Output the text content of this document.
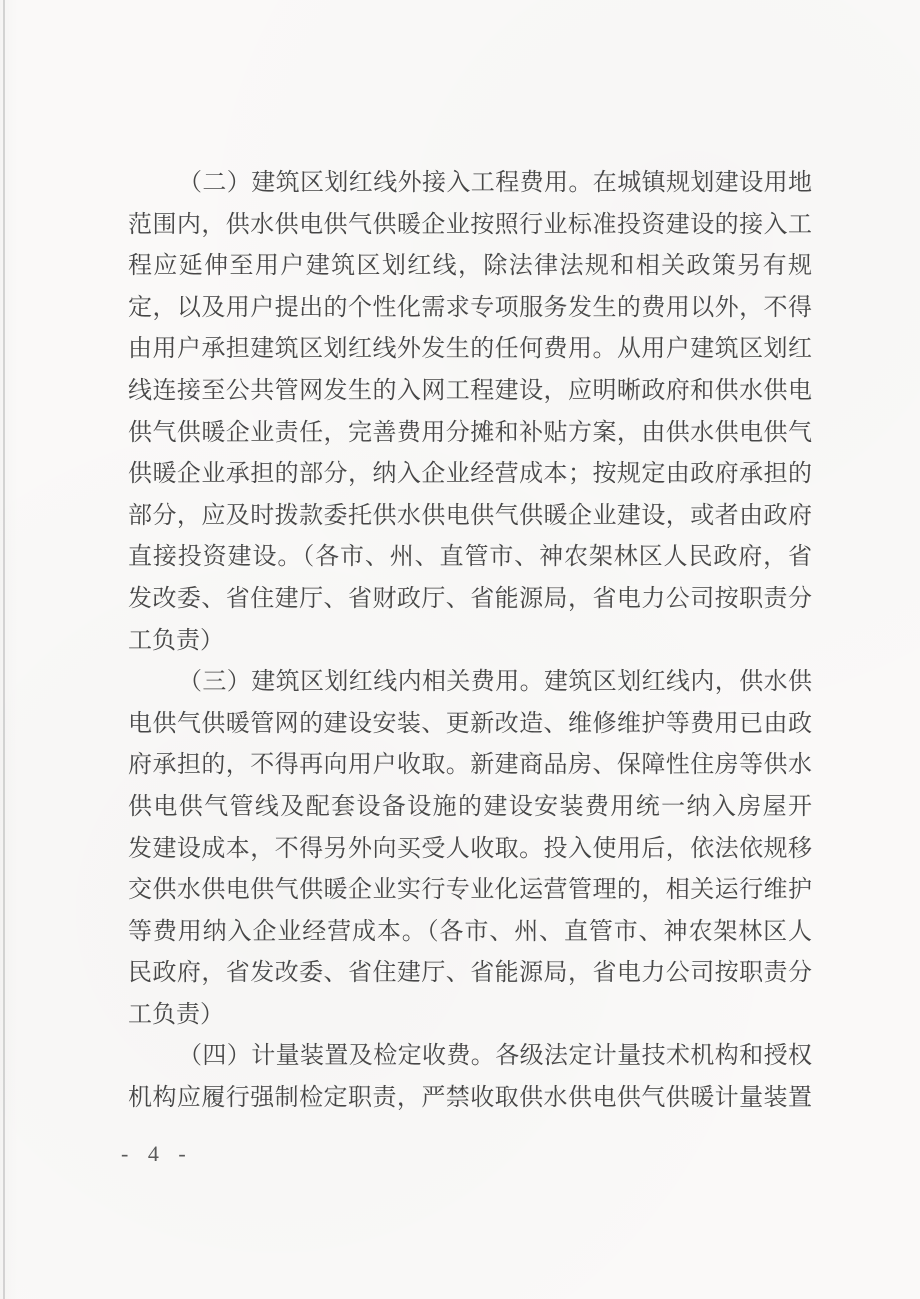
（二）建筑区划红线外接入工程费用。在城镇规划建设用地
范围内，供水供电供气供暖企业按照行业标准投资建设的接入工
程应延伸至用户建筑区划红线，除法律法规和相关政策另有规
定，以及用户提出的个性化需求专项服务发生的费用以外，不得
由用户承担建筑区划红线外发生的任何费用。从用户建筑区划红
线连接至公共管网发生的入网工程建设，应明晰政府和供水供电
供气供暖企业责任，完善费用分摊和补贴方案，由供水供电供气
供暖企业承担的部分，纳入企业经营成本；按规定由政府承担的
部分，应及时拨款委托供水供电供气供暖企业建设，或者由政府
直接投资建设。（各市、州、直管市、神农架林区人民政府，省
发改委、省住建厅、省财政厅、省能源局，省电力公司按职责分
工负责）
（三）建筑区划红线内相关费用。建筑区划红线内，供水供
电供气供暖管网的建设安装、更新改造、维修维护等费用已由政
府承担的，不得再向用户收取。新建商品房、保障性住房等供水
供电供气管线及配套设备设施的建设安装费用统一纳入房屋开
发建设成本，不得另外向买受人收取。投入使用后，依法依规移
交供水供电供气供暖企业实行专业化运营管理的，相关运行维护
等费用纳入企业经营成本。（各市、州、直管市、神农架林区人
民政府，省发改委、省住建厅、省能源局，省电力公司按职责分
工负责）
（四）计量装置及检定收费。各级法定计量技术机构和授权
机构应履行强制检定职责，严禁收取供水供电供气供暖计量装置
- 4 -
